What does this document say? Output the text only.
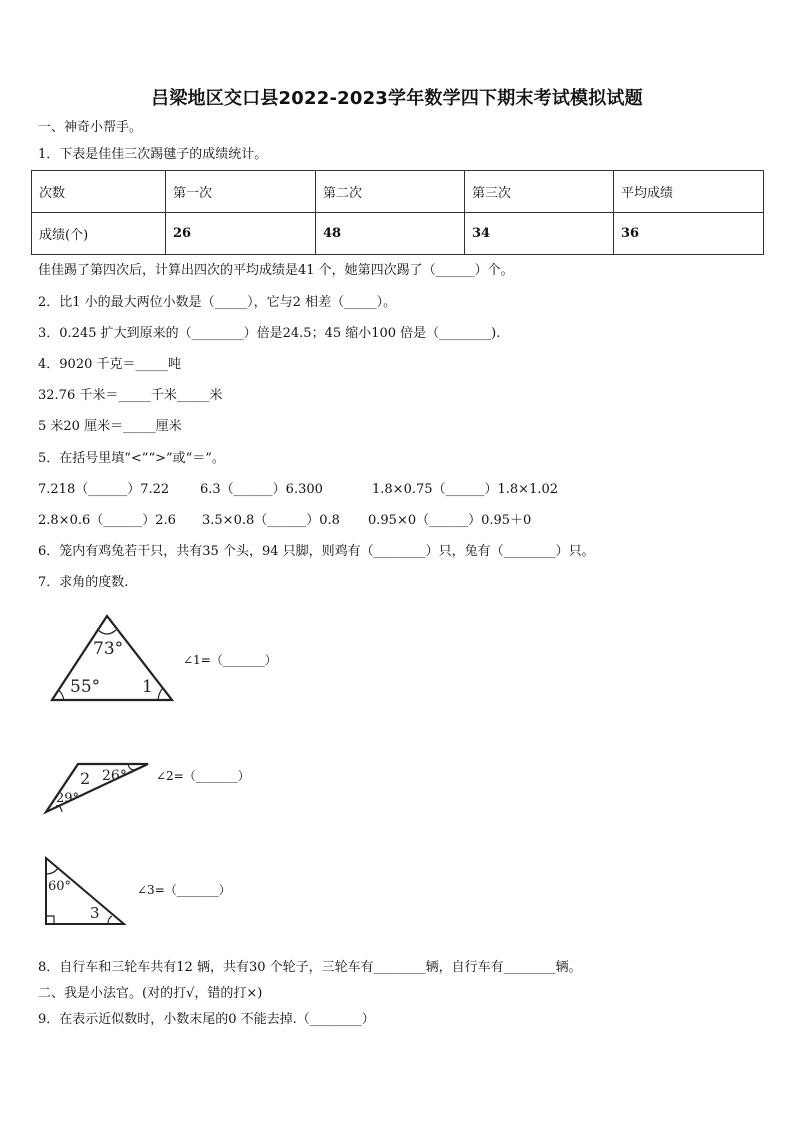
吕梁地区交口县2022-2023学年数学四下期末考试模拟试题
一、神奇小帮手。
1．下表是佳佳三次踢毽子的成绩统计。
次数	第一次	第二次	第三次	平均成绩
成绩(个)	26	48	34	36
佳佳踢了第四次后，计算出四次的平均成绩是41 个，她第四次踢了（______）个。
2．比1 小的最大两位小数是（_____），它与2 相差（_____）。
3．0.245 扩大到原来的（________）倍是24.5；45 缩小100 倍是（________).
4．9020 千克＝_____吨
32.76 千米＝_____千米_____米
5 米20 厘米＝_____厘米
5．在括号里填“<”“>”或“＝”。
7.218（______）7.22 6.3（______）6.300	1.8×0.75（______）1.8×1.02
2.8×0.6（______）2.6 3.5×0.8（______）0.8 0.95×0（______）0.95＋0
6．笼内有鸡兔若干只，共有35 个头，94 只脚，则鸡有（________）只，兔有（________）只。
7．求角的度数.
73°
55° 1
∠1=（_______）
2 26°
29°
∠2=（_______）
60°
3
∠3=（_______）
8．自行车和三轮车共有12 辆，共有30 个轮子，三轮车有________辆，自行车有________辆。
二、我是小法官。(对的打√，错的打×)
9．在表示近似数时，小数末尾的0 不能去掉.（________）
